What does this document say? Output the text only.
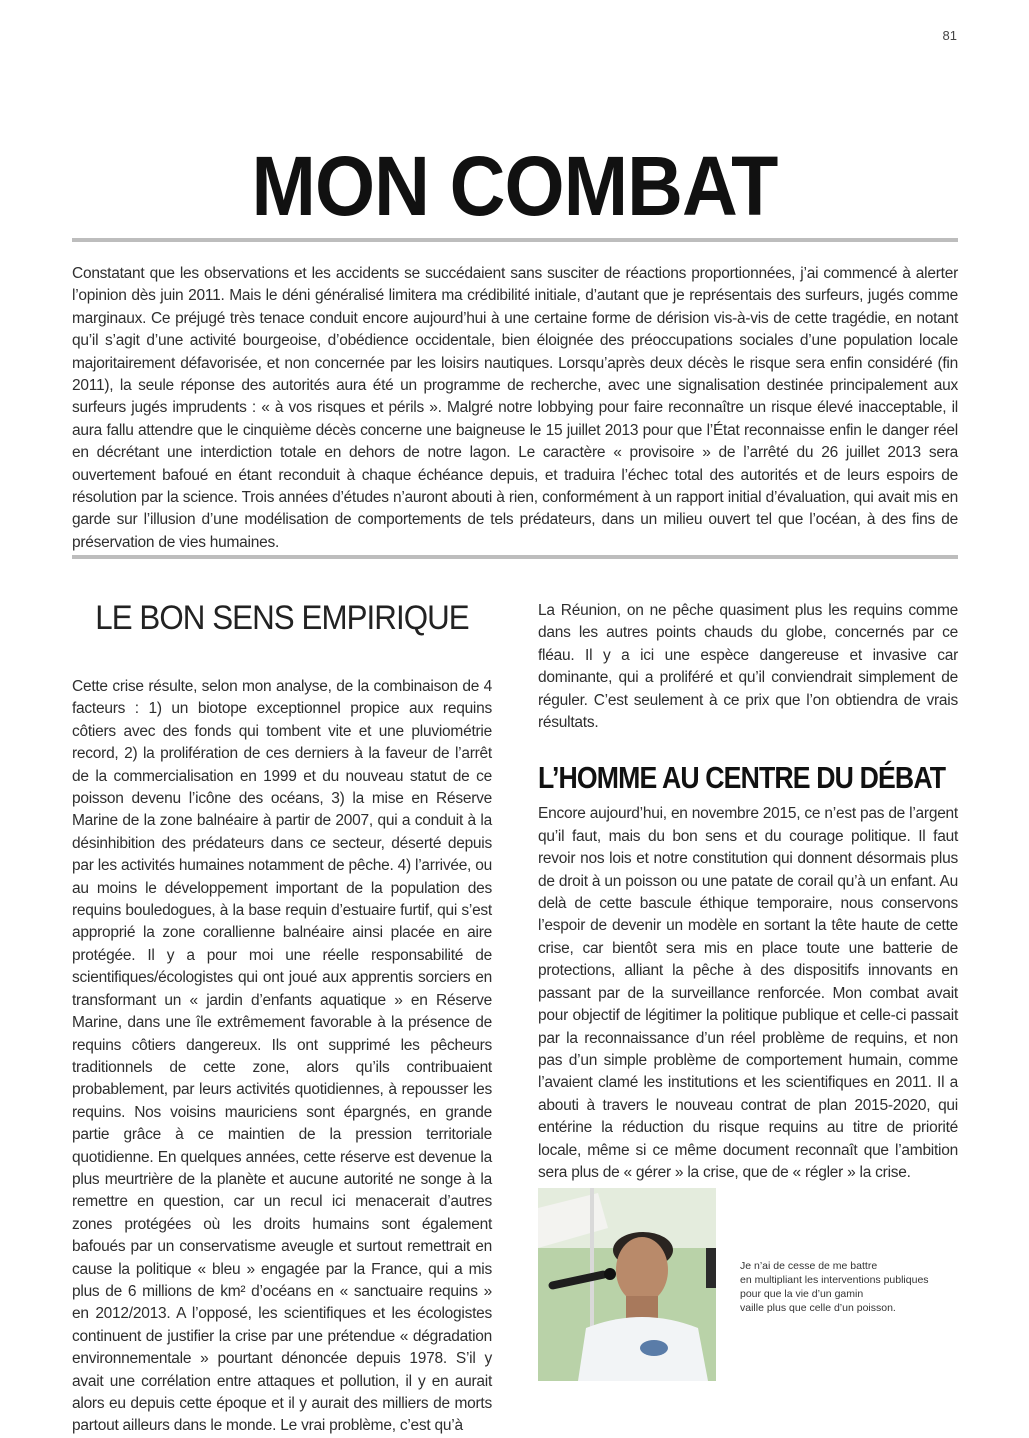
81
MON COMBAT

Constatant que les observations et les accidents se succédaient sans susciter de réactions proportionnées, j’ai commencé à alerter l’opinion dès juin 2011. Mais le déni généralisé limitera ma crédibilité initiale, d’autant que je représentais des surfeurs, jugés comme marginaux. Ce préjugé très tenace conduit encore aujourd’hui à une certaine forme de dérision vis-à-vis de cette tragédie, en notant qu’il s’agit d’une activité bourgeoise, d’obédience occidentale, bien éloignée des préoccupations sociales d’une population locale majoritairement défavorisée, et non concernée par les loisirs nautiques. Lorsqu’après deux décès le risque sera enfin considéré (fin 2011), la seule réponse des autorités aura été un programme de recherche, avec une signalisation destinée principalement aux surfeurs jugés imprudents : « à vos risques et périls ». Malgré notre lobbying pour faire reconnaître un risque élevé inacceptable, il aura fallu attendre que le cinquième décès concerne une baigneuse le 15 juillet 2013 pour que l’État reconnaisse enfin le danger réel en décrétant une interdiction totale en dehors de notre lagon. Le caractère « provisoire » de l’arrêté du 26 juillet 2013 sera ouvertement bafoué en étant reconduit à chaque échéance depuis, et traduira l’échec total des autorités et de leurs espoirs de résolution par la science. Trois années d’études n’auront abouti à rien, conformément à un rapport initial d’évaluation, qui avait mis en garde sur l’illusion d’une modélisation de comportements de tels prédateurs, dans un milieu ouvert tel que l’océan, à des fins de préservation de vies humaines.

LE BON SENS EMPIRIQUE

Cette crise résulte, selon mon analyse, de la combinaison de 4 facteurs : 1) un biotope exceptionnel propice aux requins côtiers avec des fonds qui tombent vite et une pluviométrie record, 2) la prolifération de ces derniers à la faveur de l’arrêt de la commercialisation en 1999 et du nouveau statut de ce poisson devenu l’icône des océans, 3) la mise en Réserve Marine de la zone balnéaire à partir de 2007, qui a conduit à la désinhibition des prédateurs dans ce secteur, déserté depuis par les activités humaines notamment de pêche. 4) l’arrivée, ou au moins le développement important de la population des requins bouledogues, à la base requin d’estuaire furtif, qui s’est approprié la zone corallienne balnéaire ainsi placée en aire protégée. Il y a pour moi une réelle responsabilité de scientifiques/écologistes qui ont joué aux apprentis sorciers en transformant un « jardin d’enfants aquatique » en Réserve Marine, dans une île extrêmement favorable à la présence de requins côtiers dangereux. Ils ont supprimé les pêcheurs traditionnels de cette zone, alors qu’ils contribuaient probablement, par leurs activités quotidiennes, à repousser les requins. Nos voisins mauriciens sont épargnés, en grande partie grâce à ce maintien de la pression territoriale quotidienne. En quelques années, cette réserve est devenue la plus meurtrière de la planète et aucune autorité ne songe à la remettre en question, car un recul ici menacerait d’autres zones protégées où les droits humains sont également bafoués par un conservatisme aveugle et surtout remettrait en cause la politique « bleu » engagée par la France, qui a mis plus de 6 millions de km² d’océans en « sanctuaire requins » en 2012/2013. A l’opposé, les scientifiques et les écologistes continuent de justifier la crise par une prétendue « dégradation environnementale » pourtant dénoncée depuis 1978. S’il y avait une corrélation entre attaques et pollution, il y en aurait alors eu depuis cette époque et il y aurait des milliers de morts partout ailleurs dans le monde. Le vrai problème, c’est qu’à

La Réunion, on ne pêche quasiment plus les requins comme dans les autres points chauds du globe, concernés par ce fléau. Il y a ici une espèce dangereuse et invasive car dominante, qui a proliféré et qu’il conviendrait simplement de réguler. C’est seulement à ce prix que l’on obtiendra de vrais résultats.

L’HOMME AU CENTRE DU DÉBAT

Encore aujourd’hui, en novembre 2015, ce n’est pas de l’argent qu’il faut, mais du bon sens et du courage politique. Il faut revoir nos lois et notre constitution qui donnent désormais plus de droit à un poisson ou une patate de corail qu’à un enfant. Au delà de cette bascule éthique temporaire, nous conservons l’espoir de devenir un modèle en sortant la tête haute de cette crise, car bientôt sera mis en place toute une batterie de protections, alliant la pêche à des dispositifs innovants en passant par de la surveillance renforcée. Mon combat avait pour objectif de légitimer la politique publique et celle-ci passait par la reconnaissance d’un réel problème de requins, et non pas d’un simple problème de comportement humain, comme l’avaient clamé les institutions et les scientifiques en 2011. Il a abouti à travers le nouveau contrat de plan 2015-2020, qui entérine la réduction du risque requins au titre de priorité locale, même si ce même document reconnaît que l’ambition sera plus de « gérer » la crise, que de « régler » la crise.

Je n’ai de cesse de me battre
en multipliant les interventions publiques
pour que la vie d’un gamin
vaille plus que celle d’un poisson.
